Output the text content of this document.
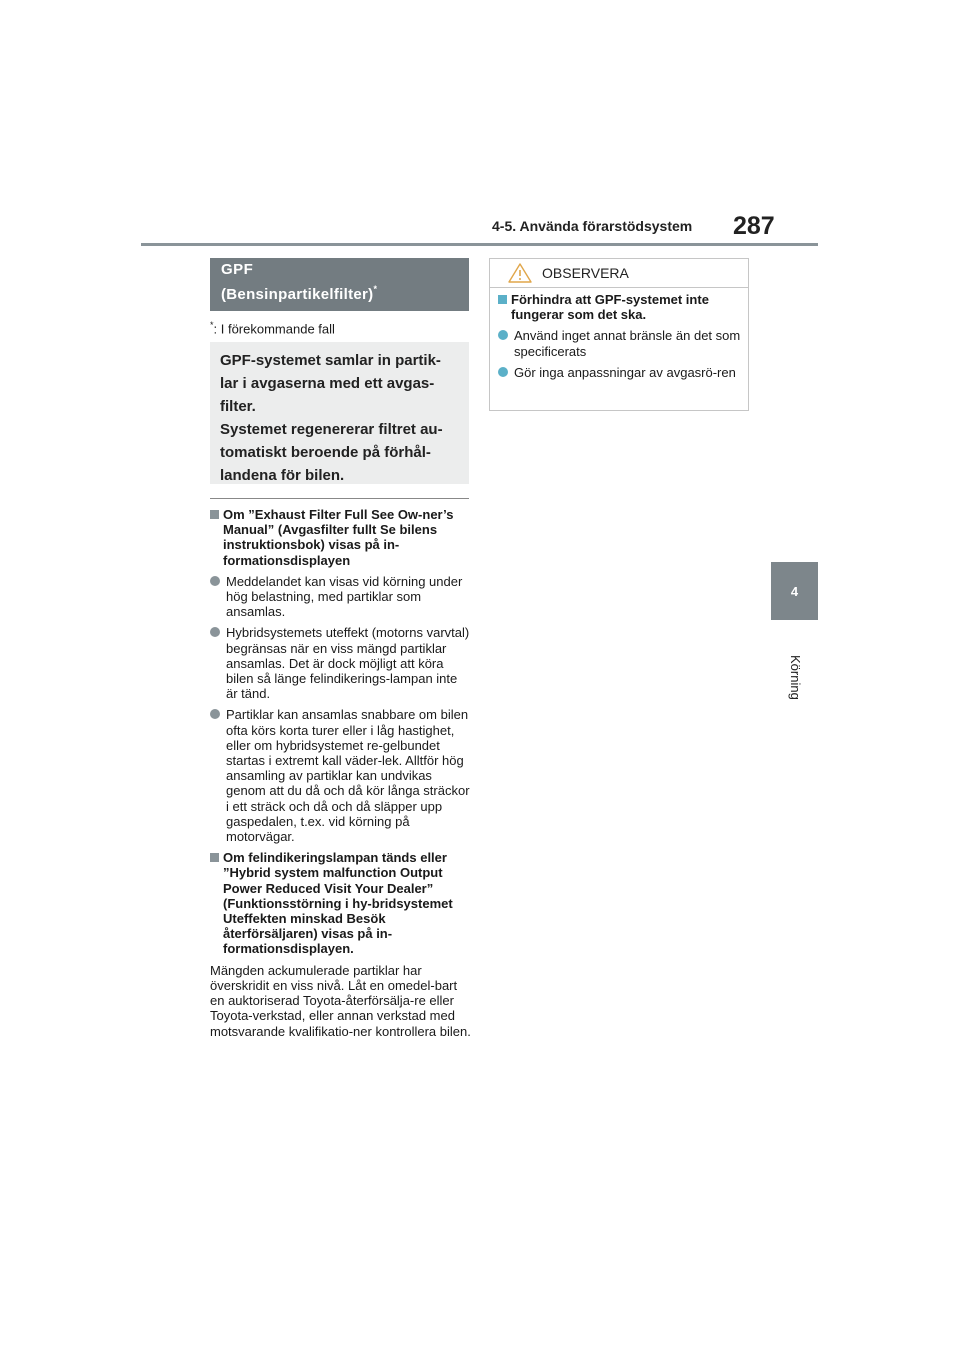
4-5. Använda förarstödsystem 287
4
Körning
GPF
(Bensinpartikelfilter)*
*: I förekommande fall
GPF-systemet samlar in partik-
lar i avgaserna med ett avgas-
filter.
Systemet regenererar filtret au-
tomatiskt beroende på förhål-
landena för bilen.
Om ”Exhaust Filter Full See Ow-ner’s Manual” (Avgasfilter fullt Se bilens instruktionsbok) visas på in-formationsdisplayen
Meddelandet kan visas vid körning under hög belastning, med partiklar som ansamlas.
Hybridsystemets uteffekt (motorns varvtal) begränsas när en viss mängd partiklar ansamlas. Det är dock möjligt att köra bilen så länge felindikerings-lampan inte är tänd.
Partiklar kan ansamlas snabbare om bilen ofta körs korta turer eller i låg hastighet, eller om hybridsystemet re-gelbundet startas i extremt kall väder-lek. Alltför hög ansamling av partiklar kan undvikas genom att du då och då kör långa sträckor i ett sträck och då och då släpper upp gaspedalen, t.ex. vid körning på motorvägar.
Om felindikeringslampan tänds eller ”Hybrid system malfunction Output Power Reduced Visit Your Dealer” (Funktionsstörning i hy-bridsystemet Uteffekten minskad Besök återförsäljaren) visas på in-formationsdisplayen.
Mängden ackumulerade partiklar har överskridit en viss nivå. Låt en omedel-bart en auktoriserad Toyota-återförsälja-re eller Toyota-verkstad, eller annan verkstad med motsvarande kvalifikatio-ner kontrollera bilen.
OBSERVERA
Förhindra att GPF-systemet inte fungerar som det ska.
Använd inget annat bränsle än det som specificerats
Gör inga anpassningar av avgasrö-ren
